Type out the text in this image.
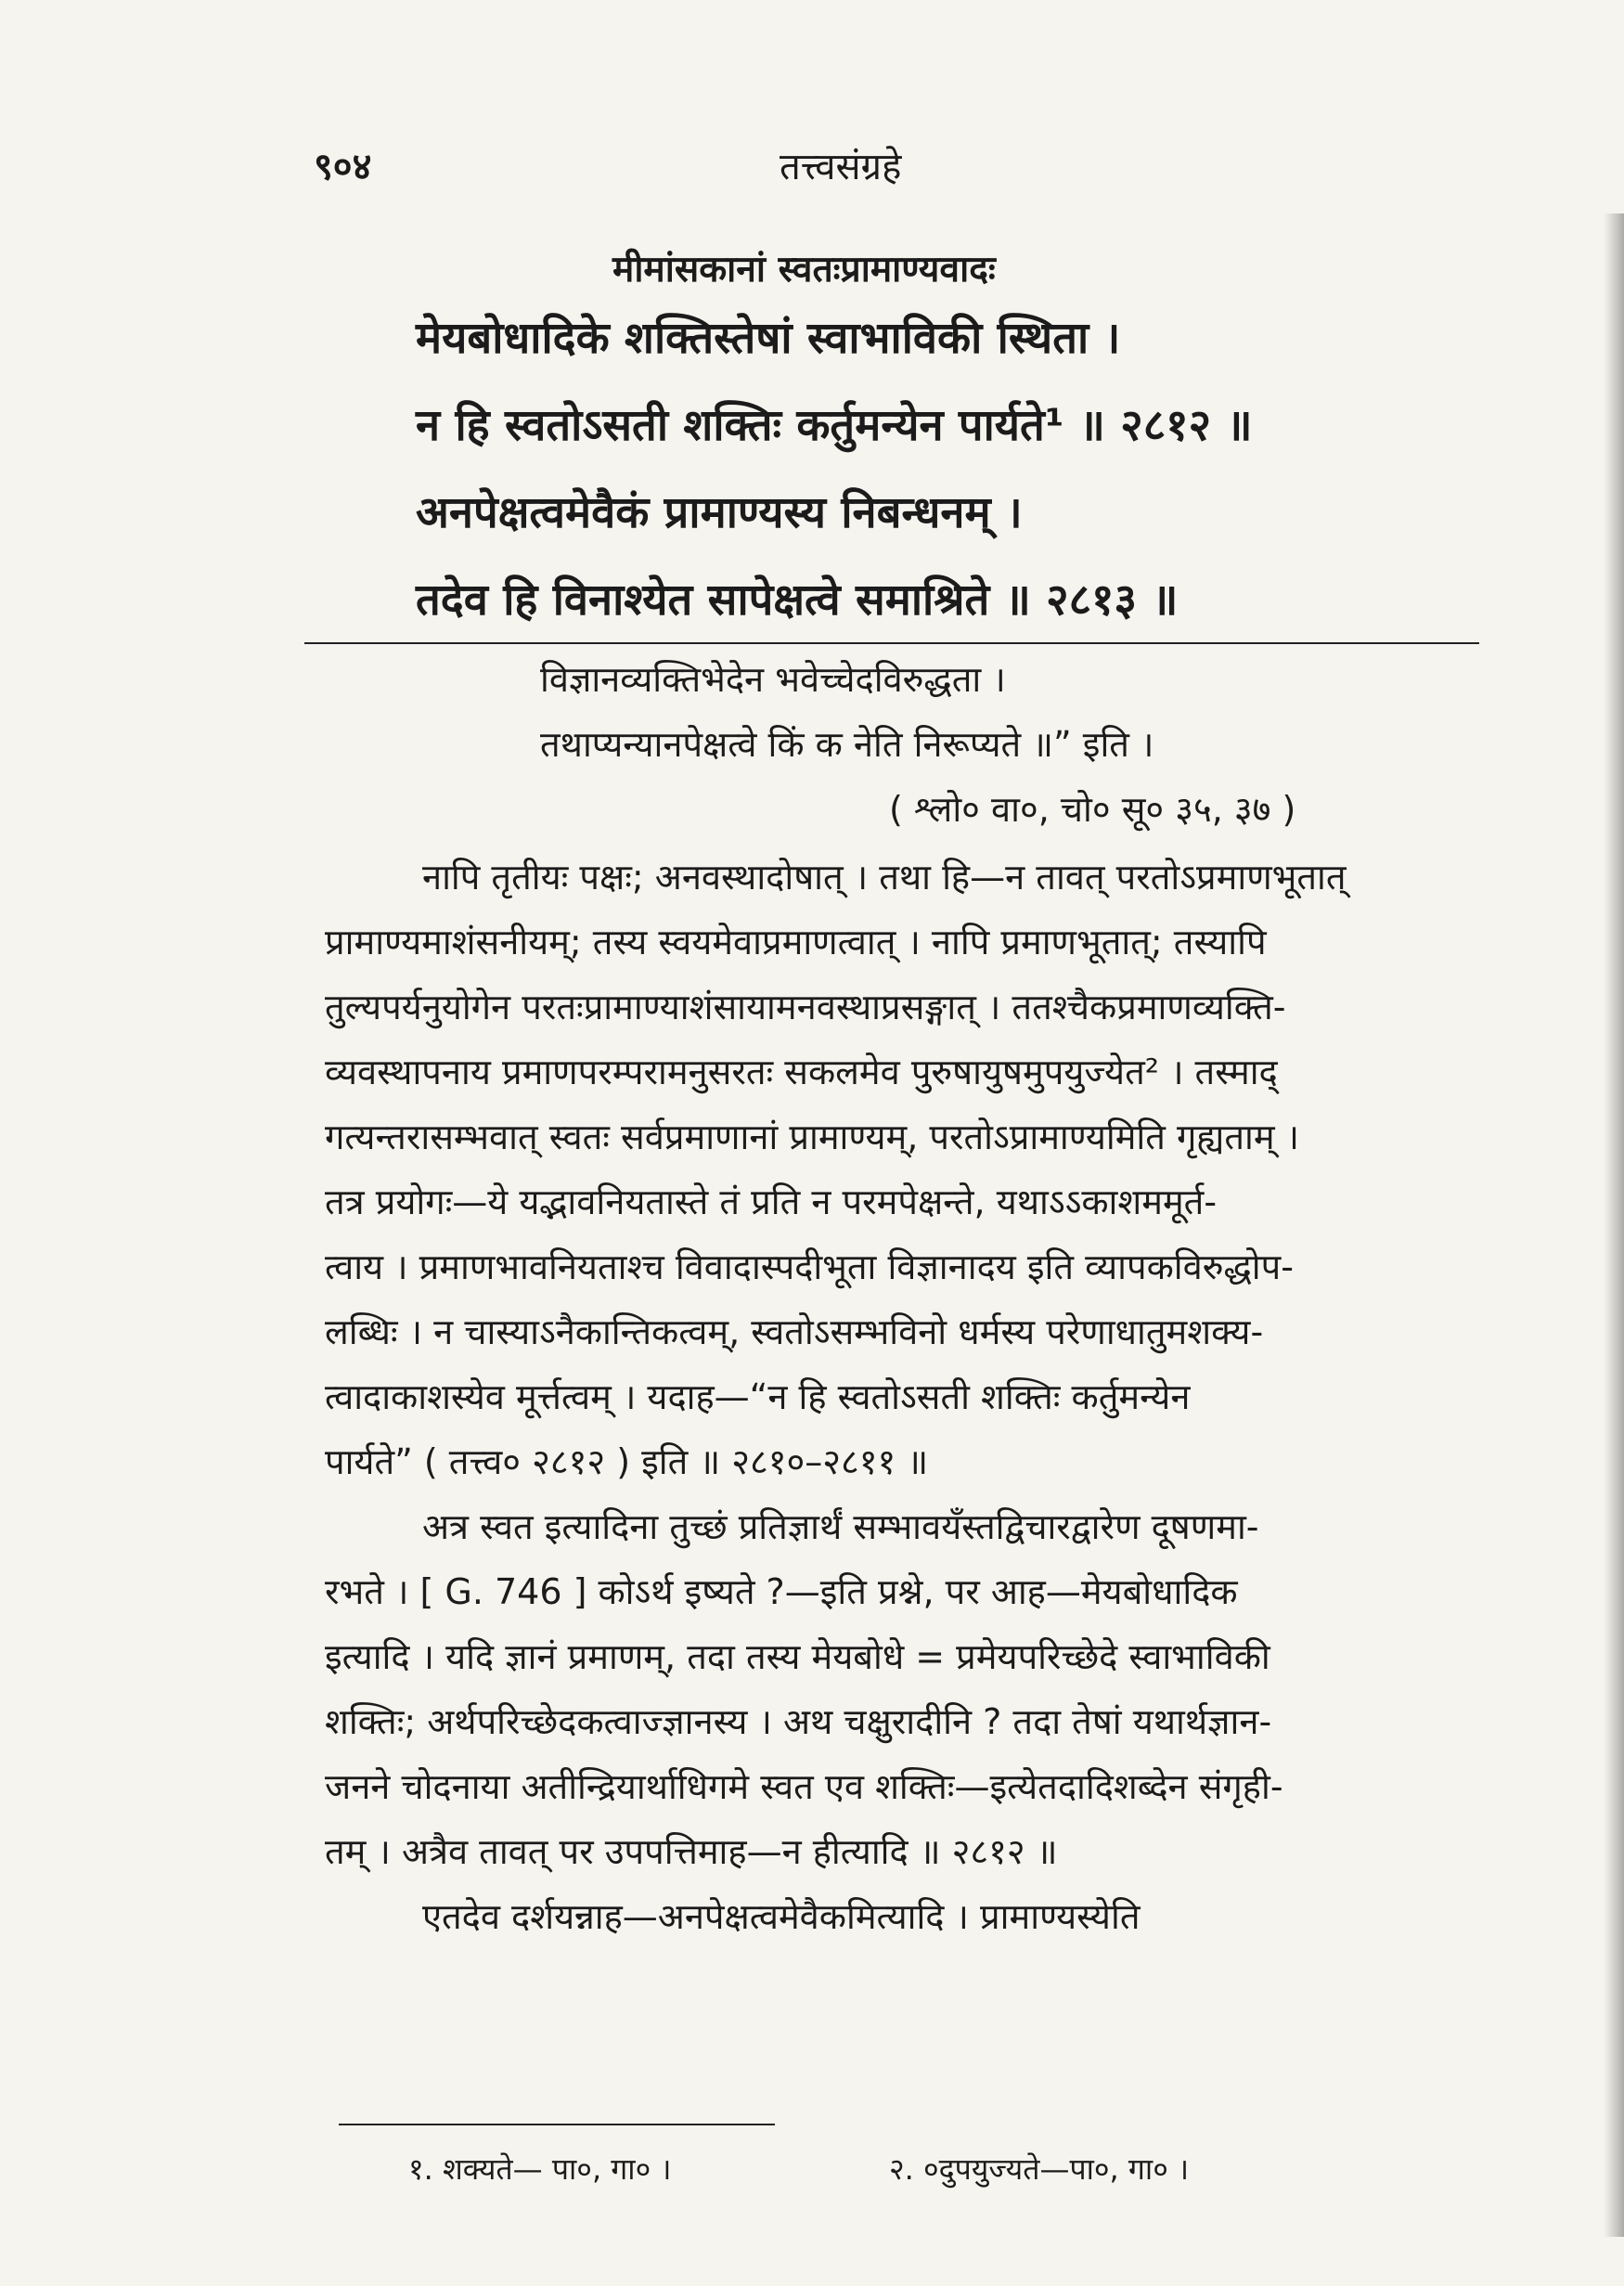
९०४	तत्त्वसंग्रहे
मीमांसकानां स्वतःप्रामाण्यवादः
मेयबोधादिके शक्तिस्तेषां स्वाभाविकी स्थिता ।
न हि स्वतोऽसती शक्तिः कर्तुमन्येन पार्यते¹ ॥ २८१२ ॥
अनपेक्षत्वमेवैकं प्रामाण्यस्य निबन्धनम् ।
तदेव हि विनाश्येत सापेक्षत्वे समाश्रिते ॥ २८१३ ॥
विज्ञानव्यक्तिभेदेन भवेच्चेदविरुद्धता ।
तथाप्यन्यानपेक्षत्वे किं क नेति निरूप्यते ॥” इति ।
( श्लो० वा०, चो० सू० ३५, ३७ )
नापि तृतीयः पक्षः; अनवस्थादोषात् । तथा हि—न तावत् परतोऽप्रमाणभूतात्
प्रामाण्यमाशंसनीयम्; तस्य स्वयमेवाप्रमाणत्वात् । नापि प्रमाणभूतात्; तस्यापि
तुल्यपर्यनुयोगेन परतःप्रामाण्याशंसायामनवस्थाप्रसङ्गात् । ततश्चैकप्रमाणव्यक्ति-
व्यवस्थापनाय प्रमाणपरम्परामनुसरतः सकलमेव पुरुषायुषमुपयुज्येत² । तस्माद्
गत्यन्तरासम्भवात् स्वतः सर्वप्रमाणानां प्रामाण्यम्, परतोऽप्रामाण्यमिति गृह्यताम् ।
तत्र प्रयोगः—ये यद्भावनियतास्ते तं प्रति न परमपेक्षन्ते, यथाऽऽकाशममूर्त-
त्वाय । प्रमाणभावनियताश्च विवादास्पदीभूता विज्ञानादय इति व्यापकविरुद्धोप-
लब्धिः । न चास्याऽनैकान्तिकत्वम्, स्वतोऽसम्भविनो धर्मस्य परेणाधातुमशक्य-
त्वादाकाशस्येव मूर्त्तत्वम् । यदाह—“न हि स्वतोऽसती शक्तिः कर्तुमन्येन
पार्यते” ( तत्त्व० २८१२ ) इति ॥ २८१०–२८११ ॥
अत्र स्वत इत्यादिना तुच्छं प्रतिज्ञार्थं सम्भावयँस्तद्विचारद्वारेण दूषणमा-
रभते । [ G. 746 ] कोऽर्थ इष्यते ?—इति प्रश्ने, पर आह—मेयबोधादिक
इत्यादि । यदि ज्ञानं प्रमाणम्, तदा तस्य मेयबोधे = प्रमेयपरिच्छेदे स्वाभाविकी
शक्तिः; अर्थपरिच्छेदकत्वाज्ज्ञानस्य । अथ चक्षुरादीनि ? तदा तेषां यथार्थज्ञान-
जनने चोदनाया अतीन्द्रियार्थाधिगमे स्वत एव शक्तिः—इत्येतदादिशब्देन संगृही-
तम् । अत्रैव तावत् पर उपपत्तिमाह—न हीत्यादि ॥ २८१२ ॥
एतदेव दर्शयन्नाह—अनपेक्षत्वमेवैकमित्यादि । प्रामाण्यस्येति
१. शक्यते— पा०, गा० ।	२. ०दुपयुज्यते—पा०, गा० ।
